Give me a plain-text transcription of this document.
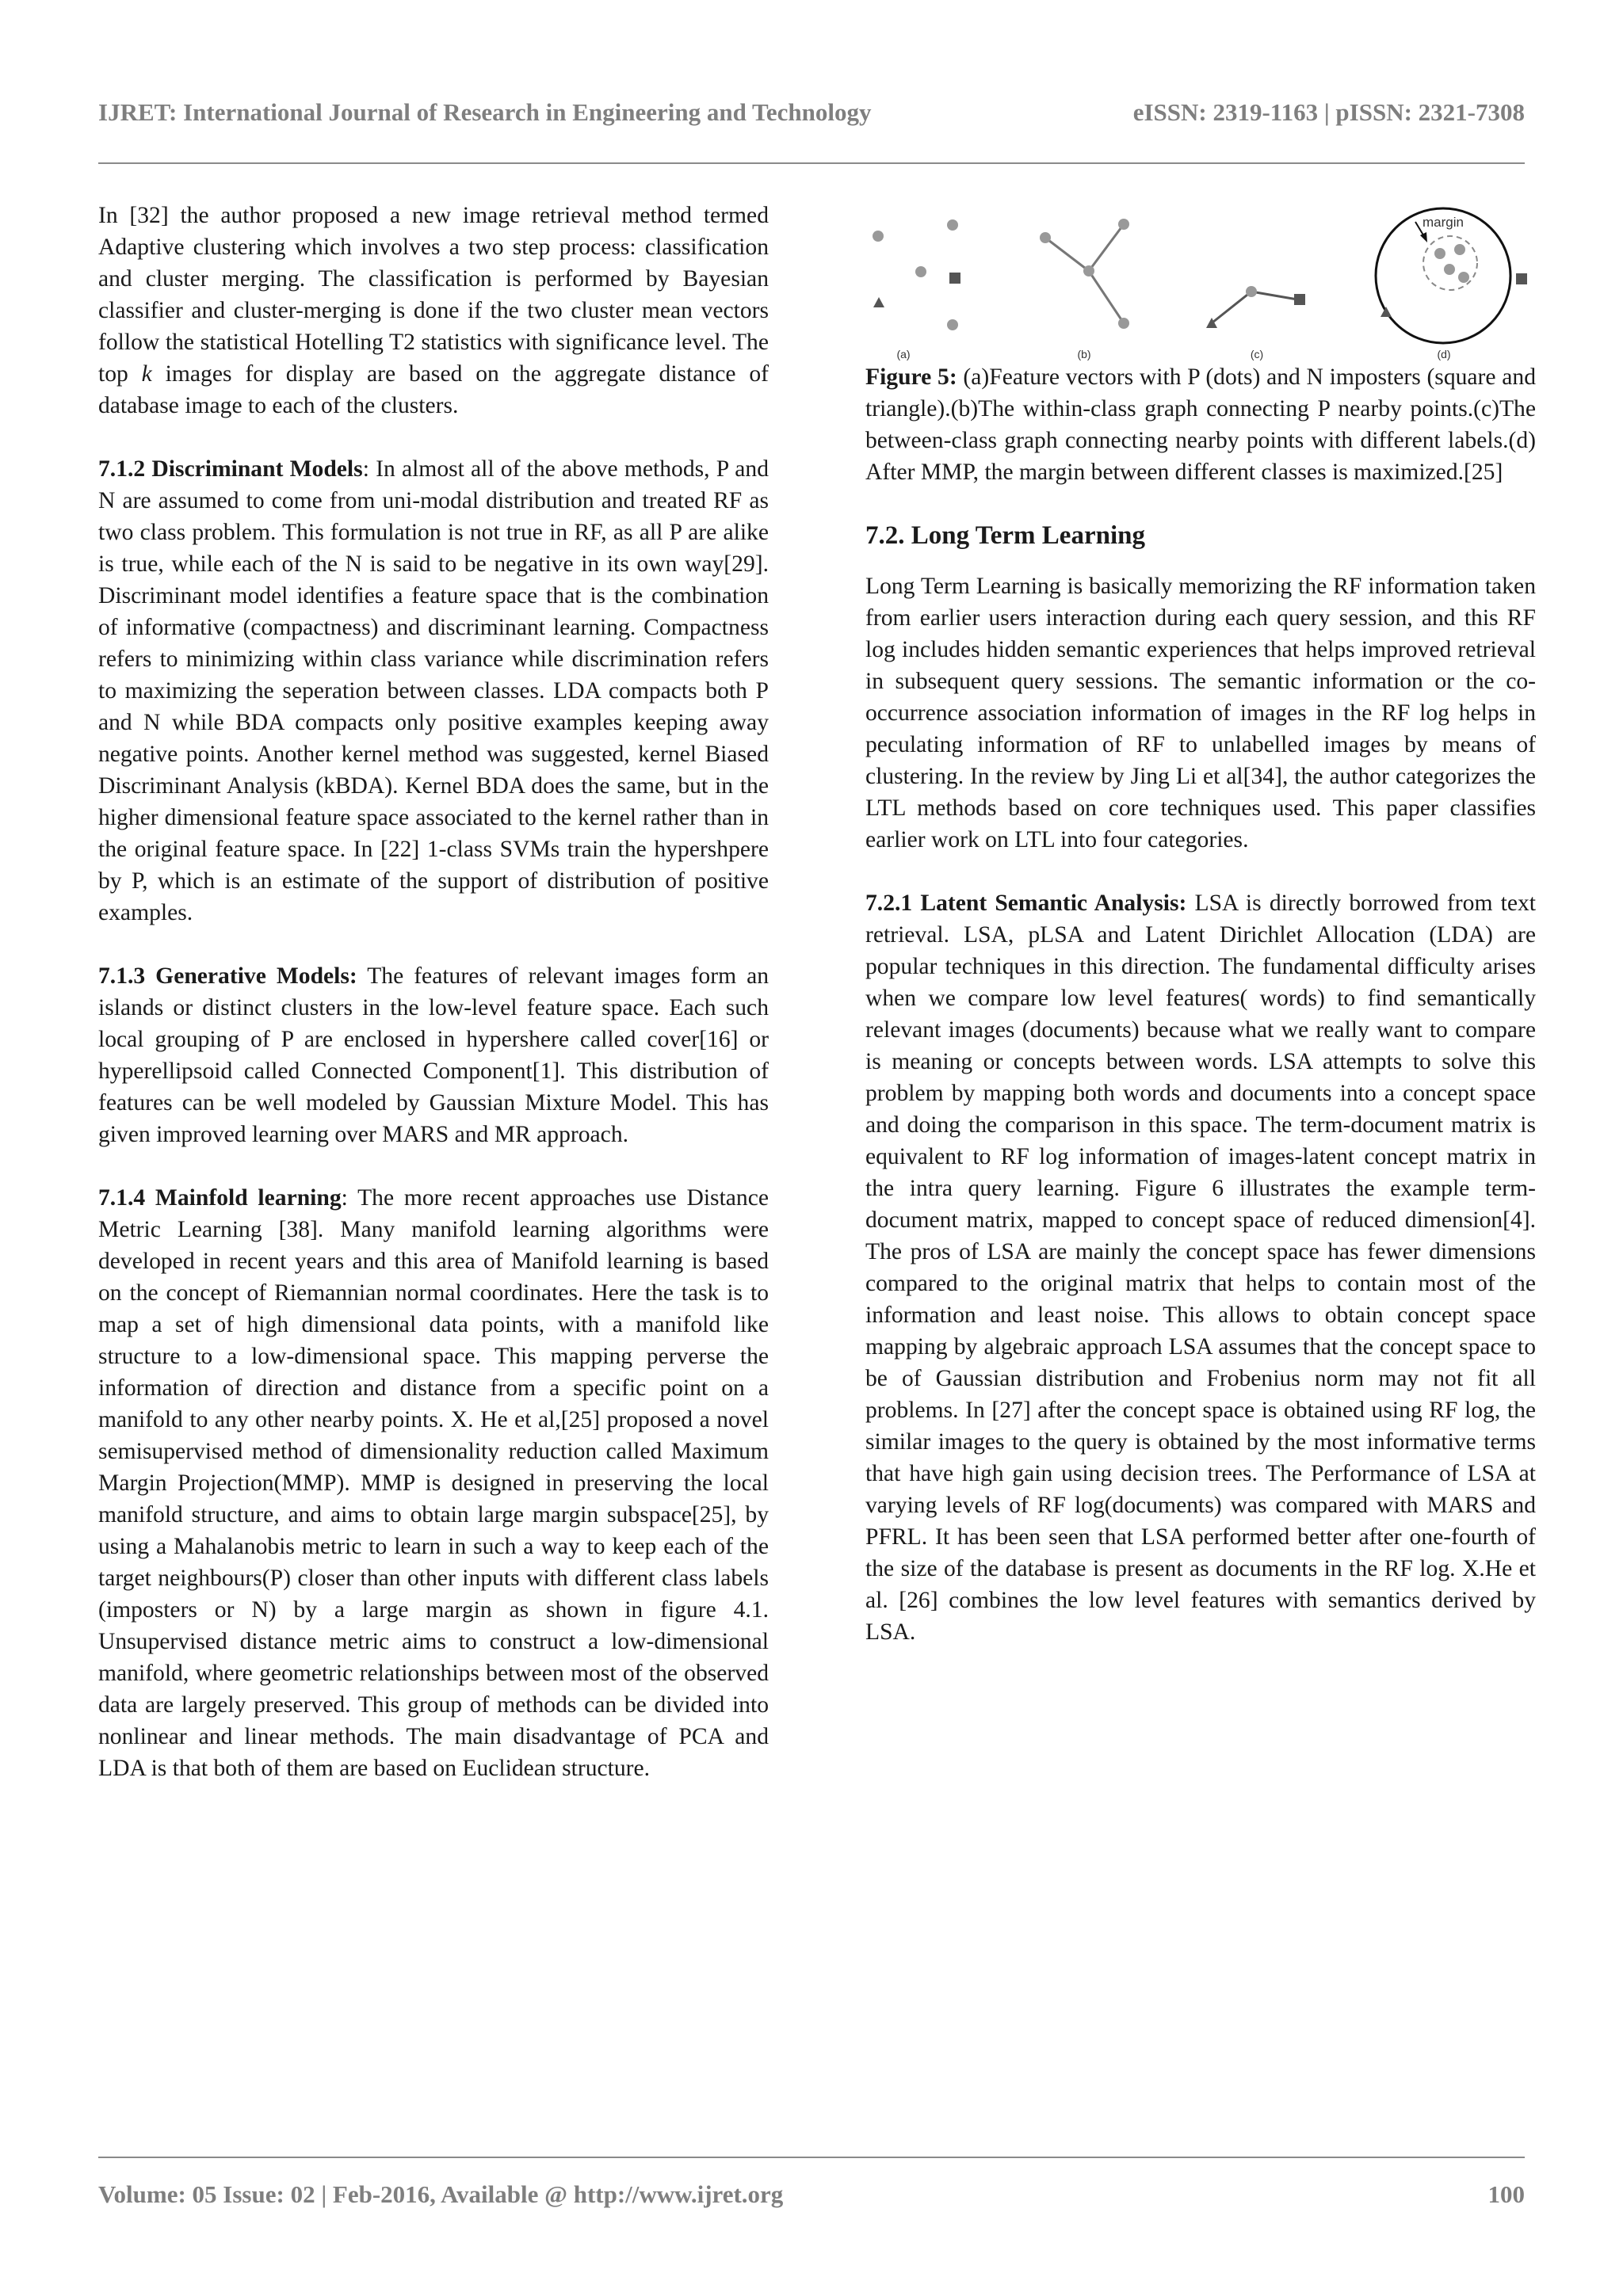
IJRET: International Journal of Research in Engineering and Technology	eISSN: 2319-1163 | pISSN: 2321-7308

In [32] the author proposed a new image retrieval method termed Adaptive clustering which involves a two step process: classification and cluster merging. The classification is performed by Bayesian classifier and cluster-merging is done if the two cluster mean vectors follow the statistical Hotelling T2 statistics with significance level. The top k images for display are based on the aggregate distance of database image to each of the clusters.

7.1.2 Discriminant Models: In almost all of the above methods, P and N are assumed to come from uni-modal distribution and treated RF as two class problem. This formulation is not true in RF, as all P are alike is true, while each of the N is said to be negative in its own way[29]. Discriminant model identifies a feature space that is the combination of informative (compactness) and discriminant learning. Compactness refers to minimizing within class variance while discrimination refers to maximizing the seperation between classes. LDA compacts both P and N while BDA compacts only positive examples keeping away negative points. Another kernel method was suggested, kernel Biased Discriminant Analysis (kBDA). Kernel BDA does the same, but in the higher dimensional feature space associated to the kernel rather than in the original feature space. In [22] 1-class SVMs train the hypershpere by P, which is an estimate of the support of distribution of positive examples.

7.1.3 Generative Models: The features of relevant images form an islands or distinct clusters in the low-level feature space. Each such local grouping of P are enclosed in hypershere called cover[16] or hyperellipsoid called Connected Component[1]. This distribution of features can be well modeled by Gaussian Mixture Model. This has given improved learning over MARS and MR approach.

7.1.4 Mainfold learning: The more recent approaches use Distance Metric Learning [38]. Many manifold learning algorithms were developed in recent years and this area of Manifold learning is based on the concept of Riemannian normal coordinates. Here the task is to map a set of high dimensional data points, with a manifold like structure to a low-dimensional space. This mapping perverse the information of direction and distance from a specific point on a manifold to any other nearby points. X. He et al,[25] proposed a novel semisupervised method of dimensionality reduction called Maximum Margin Projection(MMP). MMP is designed in preserving the local manifold structure, and aims to obtain large margin subspace[25], by using a Mahalanobis metric to learn in such a way to keep each of the target neighbours(P) closer than other inputs with different class labels (imposters or N) by a large margin as shown in figure 4.1. Unsupervised distance metric aims to construct a low-dimensional manifold, where geometric relationships between most of the observed data are largely preserved. This group of methods can be divided into nonlinear and linear methods. The main disadvantage of PCA and LDA is that both of them are based on Euclidean structure.

(a)	(b)	(c)
margin
(d)

Figure 5: (a)Feature vectors with P (dots) and N imposters (square and triangle).(b)The within-class graph connecting P nearby points.(c)The between-class graph connecting nearby points with different labels.(d) After MMP, the margin between different classes is maximized.[25]

7.2. Long Term Learning

Long Term Learning is basically memorizing the RF information taken from earlier users interaction during each query session, and this RF log includes hidden semantic experiences that helps improved retrieval in subsequent query sessions. The semantic information or the co-occurrence association information of images in the RF log helps in peculating information of RF to unlabelled images by means of clustering. In the review by Jing Li et al[34], the author categorizes the LTL methods based on core techniques used. This paper classifies earlier work on LTL into four categories.

7.2.1 Latent Semantic Analysis: LSA is directly borrowed from text retrieval. LSA, pLSA and Latent Dirichlet Allocation (LDA) are popular techniques in this direction. The fundamental difficulty arises when we compare low level features( words) to find semantically relevant images (documents) because what we really want to compare is meaning or concepts between words. LSA attempts to solve this problem by mapping both words and documents into a concept space and doing the comparison in this space. The term-document matrix is equivalent to RF log information of images-latent concept matrix in the intra query learning. Figure 6 illustrates the example term-document matrix, mapped to concept space of reduced dimension[4]. The pros of LSA are mainly the concept space has fewer dimensions compared to the original matrix that helps to contain most of the information and least noise. This allows to obtain concept space mapping by algebraic approach LSA assumes that the concept space to be of Gaussian distribution and Frobenius norm may not fit all problems. In [27] after the concept space is obtained using RF log, the similar images to the query is obtained by the most informative terms that have high gain using decision trees. The Performance of LSA at varying levels of RF log(documents) was compared with MARS and PFRL. It has been seen that LSA performed better after one-fourth of the size of the database is present as documents in the RF log. X.He et al. [26] combines the low level features with semantics derived by LSA.

Volume: 05 Issue: 02 | Feb-2016, Available @ http://www.ijret.org	100
